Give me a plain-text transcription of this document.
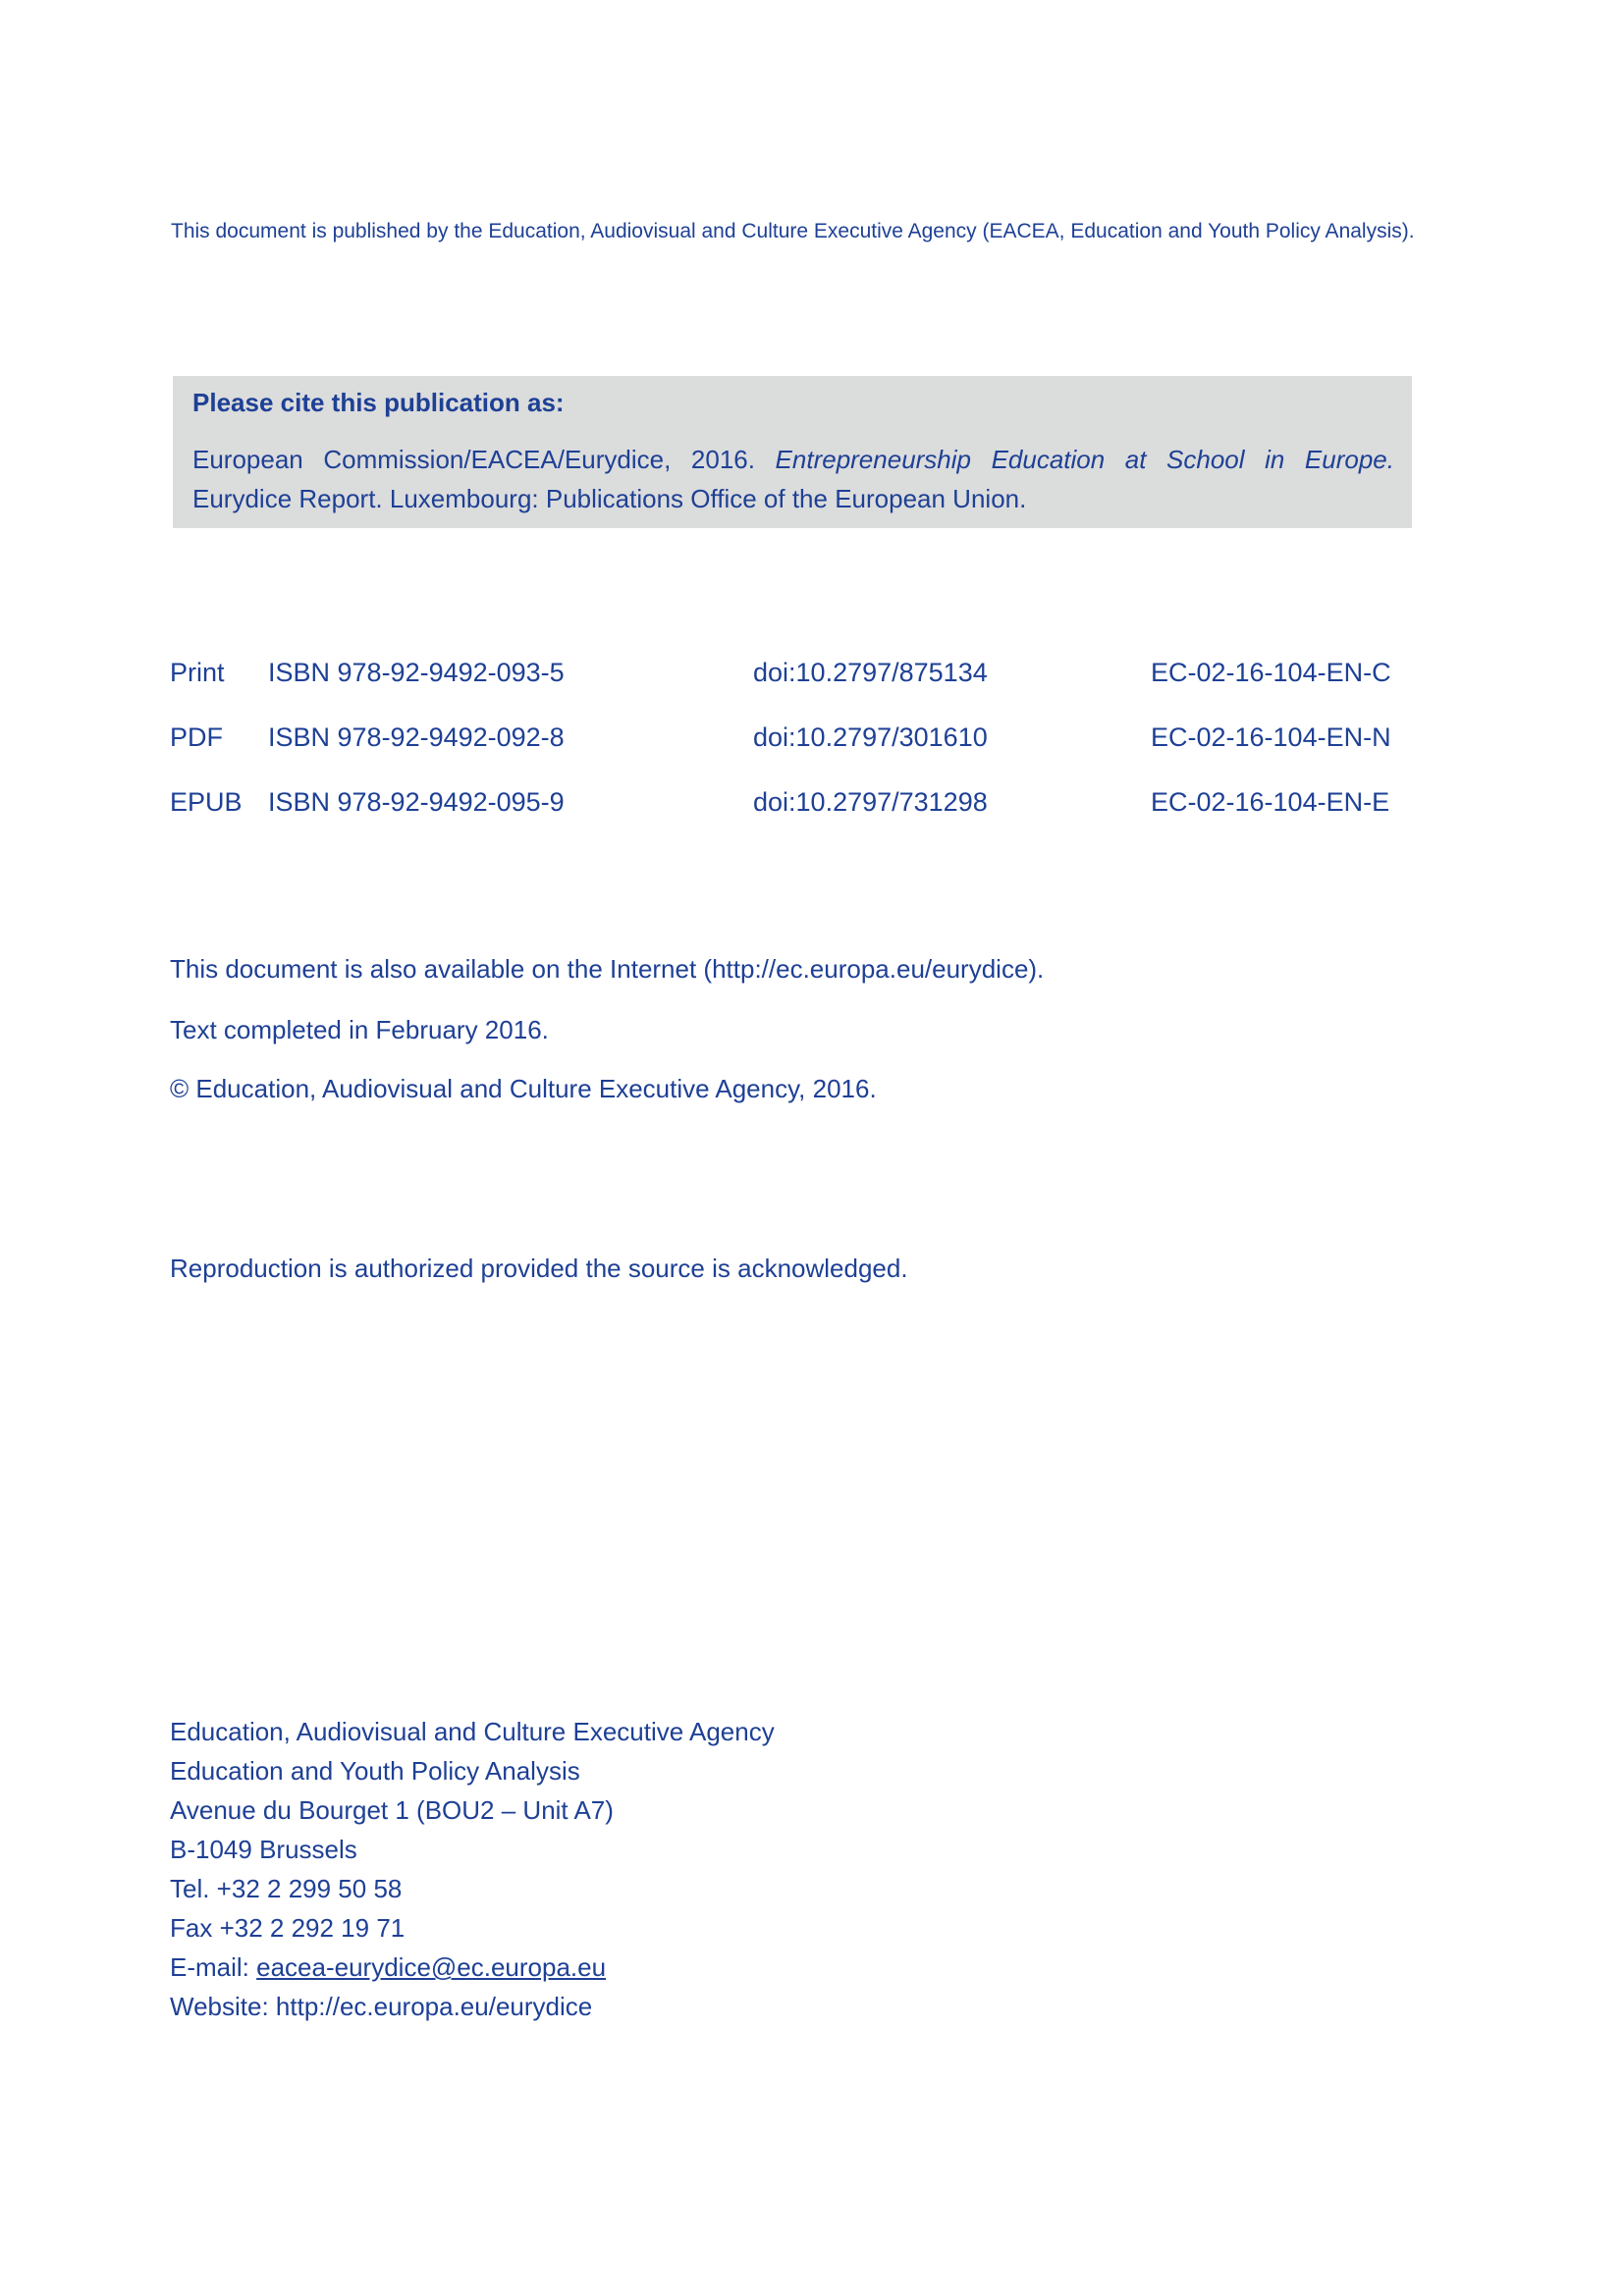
This document is published by the Education, Audiovisual and Culture Executive Agency (EACEA, Education and Youth Policy Analysis).

Please cite this publication as:
European Commission/EACEA/Eurydice, 2016. Entrepreneurship Education at School in Europe. Eurydice Report. Luxembourg: Publications Office of the European Union.
Print	ISBN 978-92-9492-093-5	doi:10.2797/875134	EC-02-16-104-EN-C
PDF	ISBN 978-92-9492-092-8	doi:10.2797/301610	EC-02-16-104-EN-N
EPUB ISBN 978-92-9492-095-9	doi:10.2797/731298	EC-02-16-104-EN-E

This document is also available on the Internet (http://ec.europa.eu/eurydice).

Text completed in February 2016.

© Education, Audiovisual and Culture Executive Agency, 2016.

Reproduction is authorized provided the source is acknowledged.

Education, Audiovisual and Culture Executive Agency
Education and Youth Policy Analysis
Avenue du Bourget 1 (BOU2 – Unit A7)
B-1049 Brussels
Tel. +32 2 299 50 58
Fax +32 2 292 19 71
E-mail: eacea-eurydice@ec.europa.eu
Website: http://ec.europa.eu/eurydice
